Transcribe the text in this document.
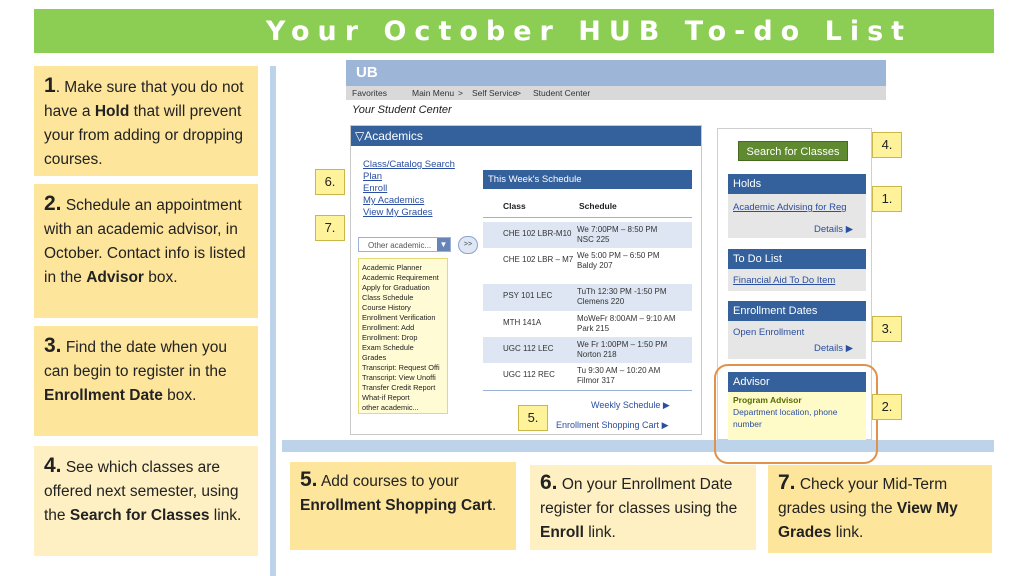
Your October HUB To-do List
1. Make sure that you do not have a Hold that will prevent your from adding or dropping courses.
2. Schedule an appointment with an academic advisor, in October. Contact info is listed in the Advisor box.
3. Find the date when you can begin to register in the Enrollment Date box.
4. See which classes are offered next semester, using the Search for Classes link.
UB
Favorites	Main Menu > Self Service
> Student Center
Your Student Center
▽Academics
Class/Catalog Search
Plan
Enroll
My Academics
View My Grades
Other academic...	▼	>>
Academic Planner
Academic Requirement
Apply for Graduation
Class Schedule
Course History
Enrollment Verification
Enrollment: Add
Enrollment: Drop
Exam Schedule
Grades
Transcript: Request Offi
Transcript: View Unoffi
Transfer Credit Report
What-if Report
other academic...
This Week's Schedule
Class	Schedule
CHE 102 LBR-M10 We 7:00PM – 8:50 PM
NSC 225
CHE 102 LBR – M7 We 5:00 PM – 6:50 PM
Baldy 207
PSY 101 LEC	TuTh 12:30 PM -1:50 PM
Clemens 220
MTH 141A	MoWeFr 8:00AM – 9:10 AM
Park 215
UGC 112 LEC	We Fr 1:00PM – 1:50 PM
Norton 218
UGC 112 REC	Tu 9:30 AM – 10:20 AM
Filmor 317
Weekly Schedule ▶
Enrollment Shopping Cart ▶
Search for Classes
Holds
Academic Advising for Reg
Details ▶
To Do List
Financial Aid To Do Item
Enrollment Dates
Open Enrollment
Details ▶
Advisor
Program Advisor
Department location, phone number
6.
7.
4.
1.
3.
2.
5.
5. Add courses to your Enrollment Shopping Cart.
6. On your Enrollment Date register for classes using the Enroll link.
7. Check your Mid-Term grades using the View My Grades link.
